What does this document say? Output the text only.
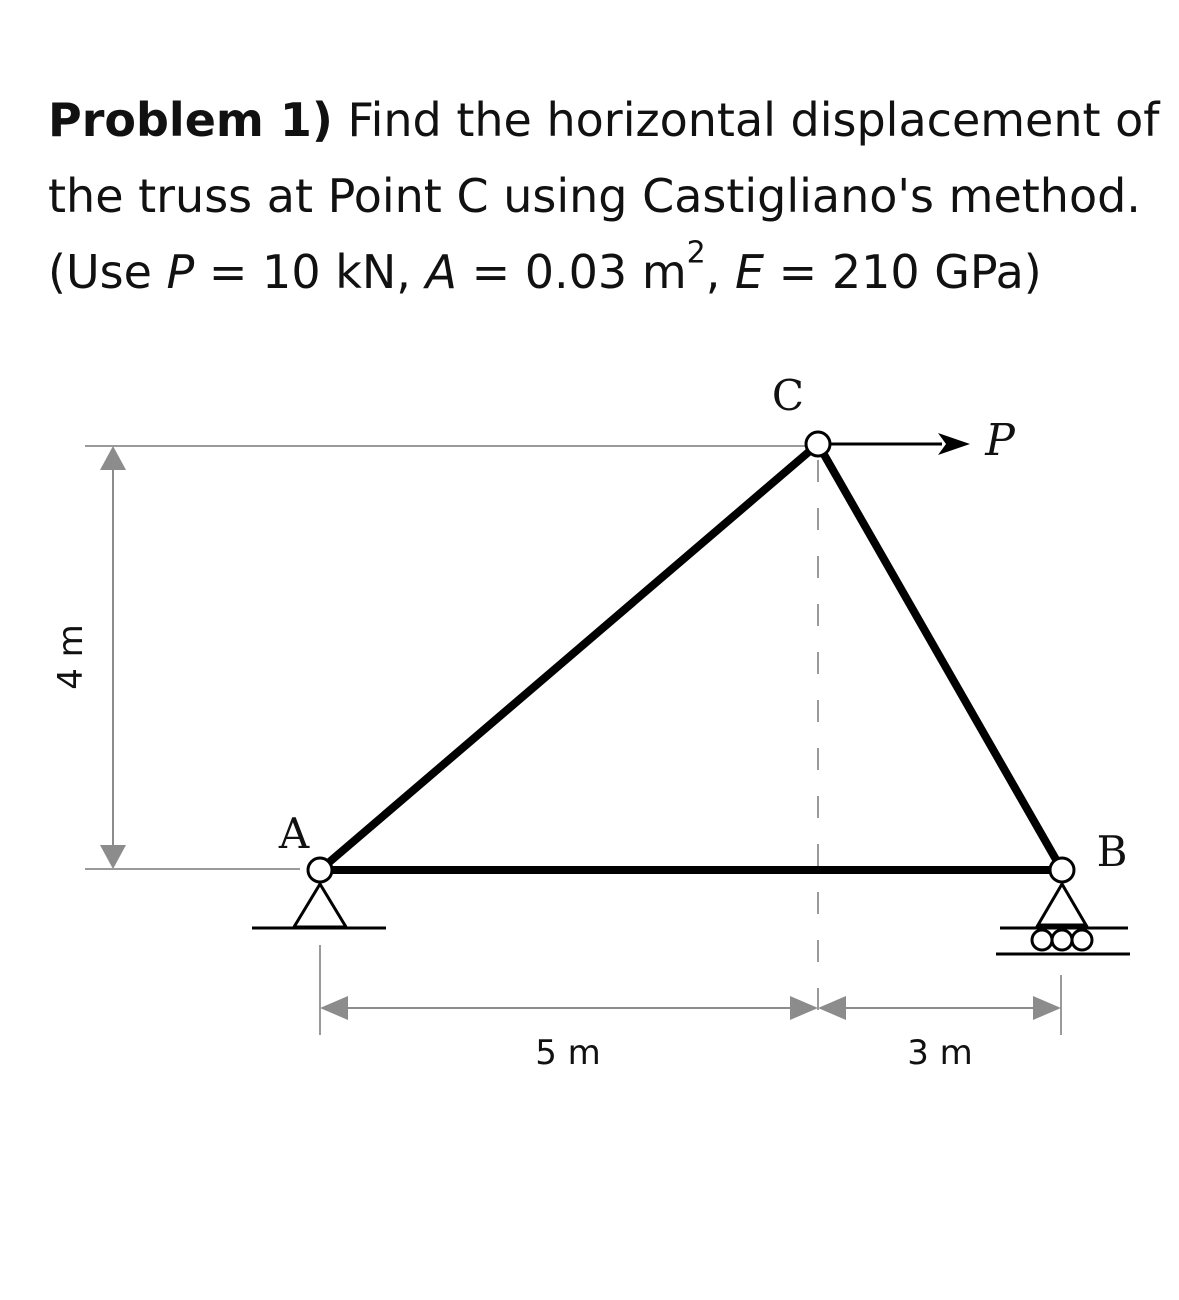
Problem 1) Find the horizontal displacement of
the truss at Point C using Castigliano's method.
(Use P = 10 kN, A = 0.03 $m^2$, E = 210 GPa)
4 m
5 m	3 m
P
C
A	B
